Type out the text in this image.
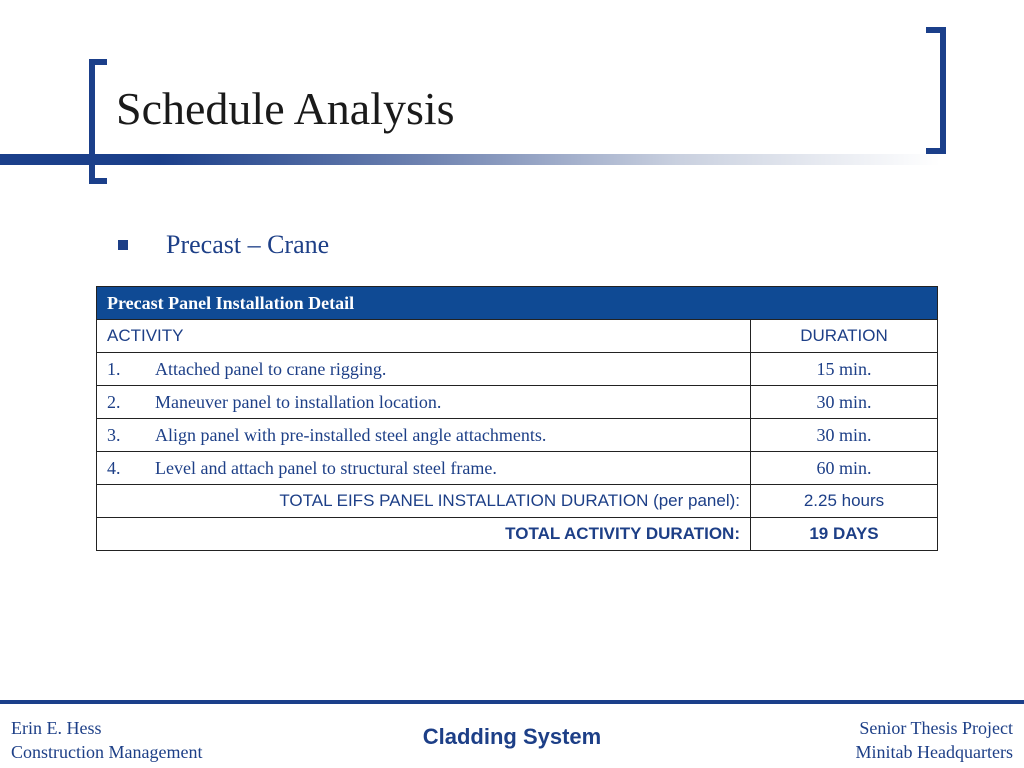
Schedule Analysis
Precast – Crane
Precast Panel Installation Detail	
ACTIVITY	DURATION
1. Attached panel to crane rigging.	15 min.
2. Maneuver panel to installation location.	30 min.
3. Align panel with pre-installed steel angle attachments.	30 min.
4. Level and attach panel to structural steel frame.	60 min.
TOTAL EIFS PANEL INSTALLATION DURATION (per panel):	2.25 hours
TOTAL ACTIVITY DURATION:	19 DAYS
Erin E. Hess
Construction Management
Cladding System	Senior Thesis Project
Minitab Headquarters
